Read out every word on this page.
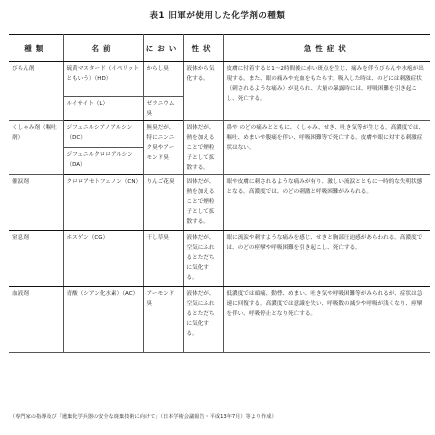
表1 旧軍が使用した化学剤の種類
種類	名前	におい	性状	急性症状
びらん剤	硫黄マスタード（イペリットともいう）（HD）	からし臭	液体から気化する。	皮膚に付着すると1～2時間後に赤い斑点を生じ、痛みを伴うびらんや水疱が出現する。また、眼の痛みや充血をもたらす。吸入した時は、のどには刺激症状（刺されるような痛み）が見られ、大量の暴露時には、呼吸困難を引き起こし、死亡する。
	ルイサイト（L）	ゼラニウム臭		
くしゃみ剤（嘔吐剤）	ジフェニルシアノアルシン（DC）	無臭だが、特にニンニク臭やアーモンド臭	固体だが、熱を加えることで煙粒子として拡散する。	鼻や のどの痛みとともに、くしゃみ、せき、吐き気等が生じる。高濃度では、嘔吐、めまいや腹痛を伴い、呼吸困難等で死亡する。皮膚や眼に対する刺激症状はない。
	ジフェニルクロロアルシン（DA）			
催涙剤	クロロアセトフェノン（CN）	りんご花臭	固体だが、熱を加えることで煙粒子として拡散する。	眼や皮膚に刺されるような痛みが有り、激しい流涙とともに一時的な失明状態となる。高濃度では、のどの刺激と呼吸困難がみられる。
窒息剤	ホスゲン（CG）	干し草臭	液体だが、空気にふれるとただちに気化する。	眼に流涙や刺すような痛みを感じ、せきと胸部圧迫感があらわれる。高濃度では、のどの痙攣や呼吸困難を引き起こし、死亡する。
血液剤	青酸（シアン化水素）（AC）	アーモンド臭	液体だが、空気にふれるとただちに気化する。	低濃度では頭痛、動悸、めまい、吐き気や呼吸困難等がみられるが、症状は急速に回復する。高濃度では意識を失い、呼吸数の減少や呼吸が浅くなり、痙攣を伴い、呼吸停止となり死亡する。
（専門家の指導及び「遺棄化学兵器の安全な廃棄技術に向けて」（日本学術会議報告・平成13年7月）等より作成）
